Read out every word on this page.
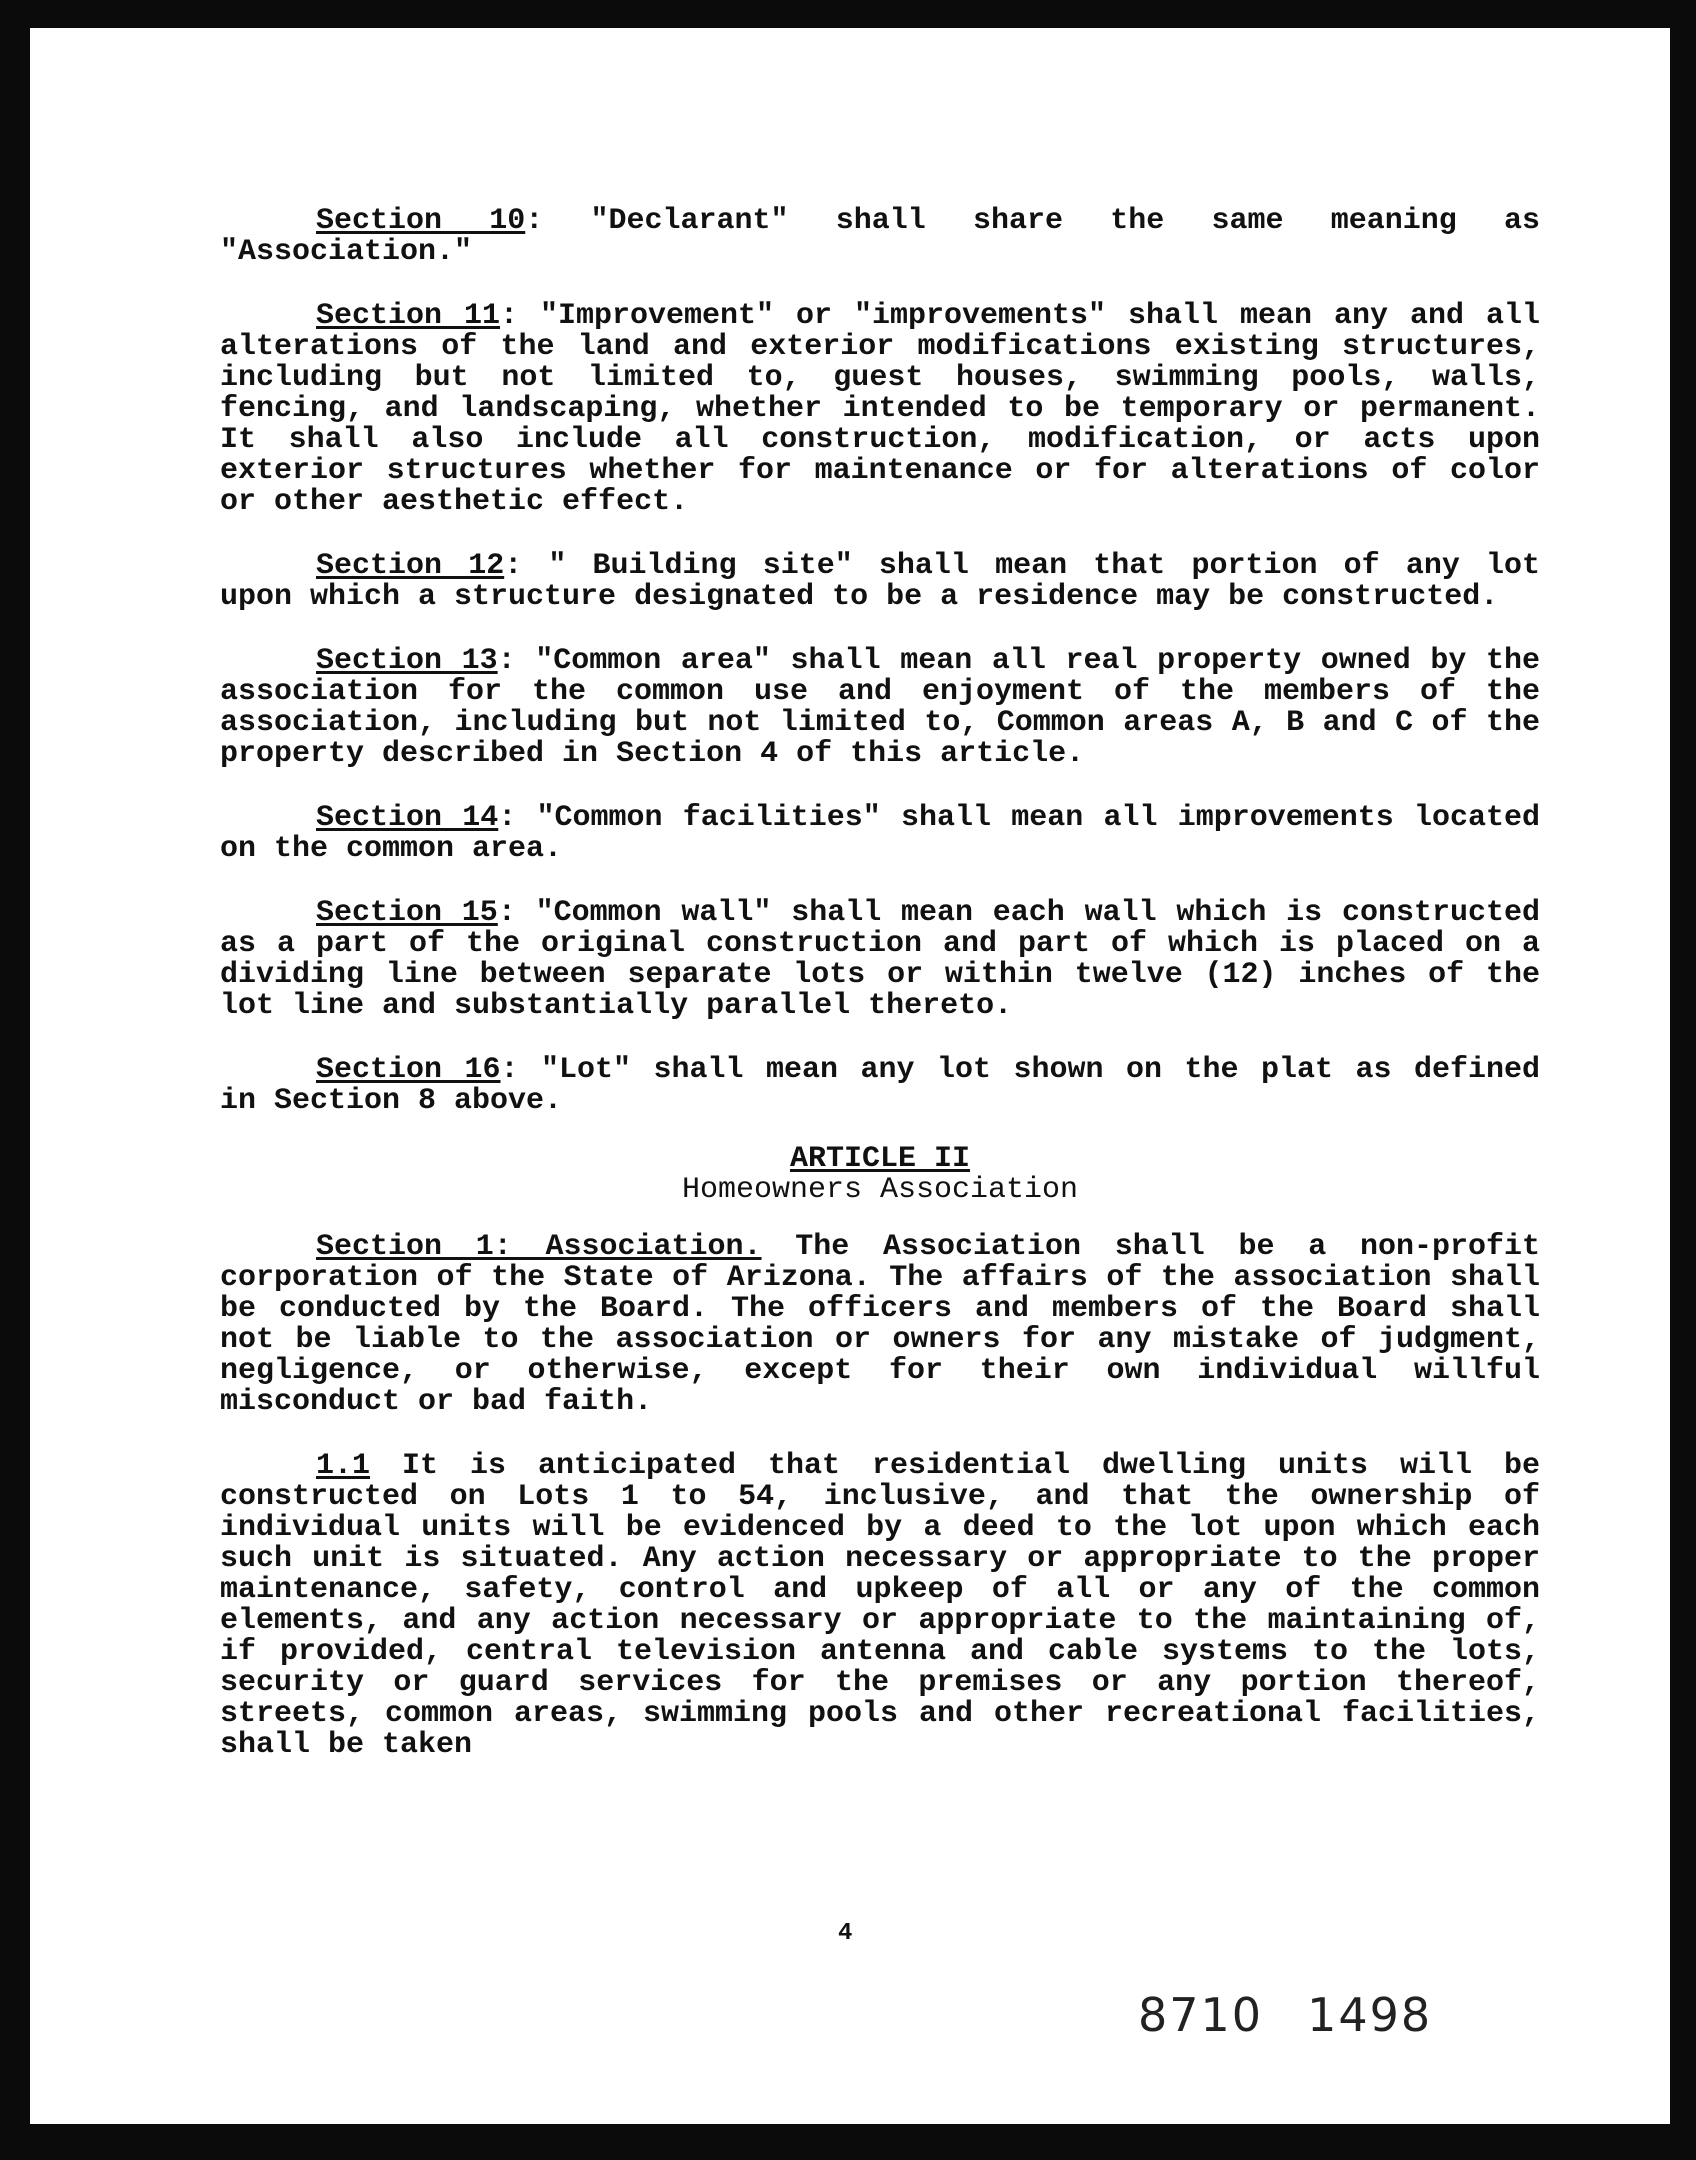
Section 10: "Declarant" shall share the same meaning as "Association."

Section 11: "Improvement" or "improvements" shall mean any and all alterations of the land and exterior modifications existing structures, including but not limited to, guest houses, swimming pools, walls, fencing, and landscaping, whether intended to be temporary or permanent. It shall also include all construction, modification, or acts upon exterior structures whether for maintenance or for alterations of color or other aesthetic effect.

Section 12: " Building site" shall mean that portion of any lot upon which a structure designated to be a residence may be constructed.

Section 13: "Common area" shall mean all real property owned by the association for the common use and enjoyment of the members of the association, including but not limited to, Common areas A, B and C of the property described in Section 4 of this article.

Section 14: "Common facilities" shall mean all improvements located on the common area.

Section 15: "Common wall" shall mean each wall which is constructed as a part of the original construction and part of which is placed on a dividing line between separate lots or within twelve (12) inches of the lot line and substantially parallel thereto.

Section 16: "Lot" shall mean any lot shown on the plat as defined in Section 8 above.

ARTICLE II
Homeowners Association

Section 1: Association. The Association shall be a non-profit corporation of the State of Arizona. The affairs of the association shall be conducted by the Board. The officers and members of the Board shall not be liable to the association or owners for any mistake of judgment, negligence, or otherwise, except for their own individual willful misconduct or bad faith.

1.1 It is anticipated that residential dwelling units will be constructed on Lots 1 to 54, inclusive, and that the ownership of individual units will be evidenced by a deed to the lot upon which each such unit is situated. Any action necessary or appropriate to the proper maintenance, safety, control and upkeep of all or any of the common elements, and any action necessary or appropriate to the maintaining of, if provided, central television antenna and cable systems to the lots, security or guard services for the premises or any portion thereof, streets, common areas, swimming pools and other recreational facilities, shall be taken

4
8710 1498
